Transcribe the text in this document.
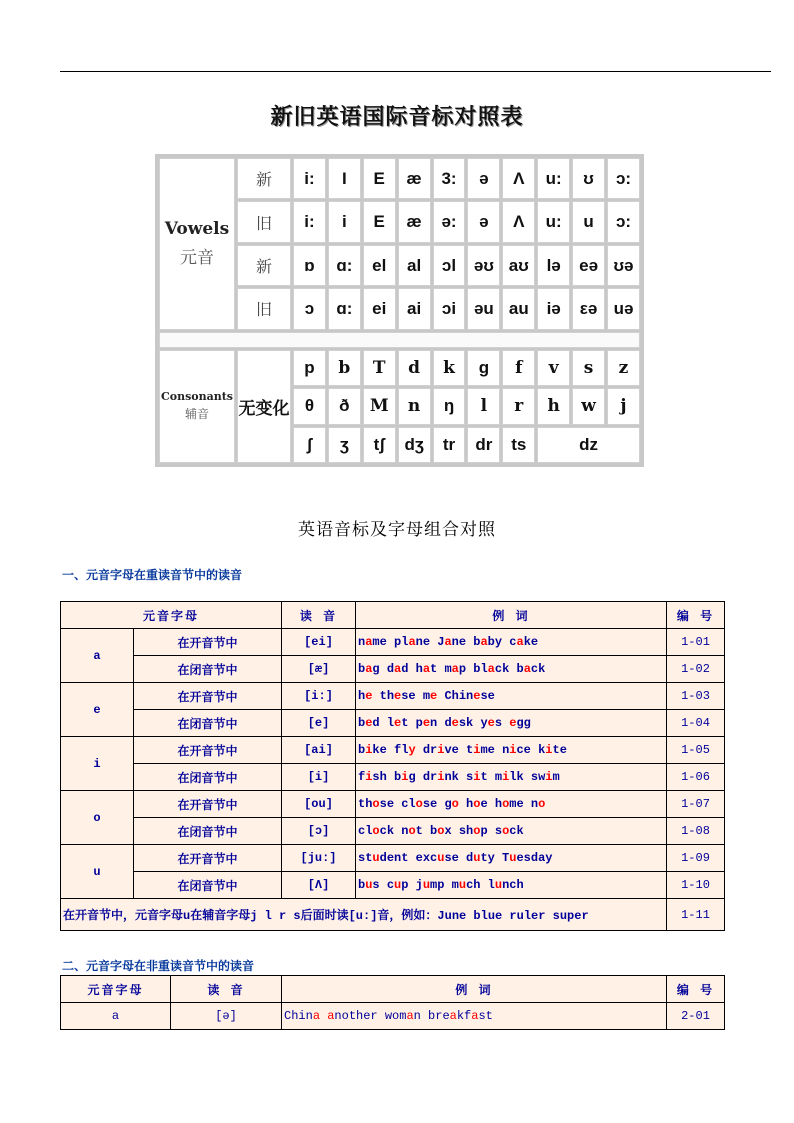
新旧英语国际音标对照表
Vowels
元音	新	i:	I	E	æ	3:	ə	Λ	u:	ʊ	ɔ:
	旧	i:	i	E	æ	ə:	ə	Λ	u:	u	ɔ:
	新	ɒ	ɑ:	el	al	ɔl	əʊ	aʊ	lə	eə	ʊə
	旧	ɔ	ɑ:	ei	ai	ɔi	əu	au	iə	εə	uə

Consonants
辅音	无变化	p	b	T	d	k	g	f	v	s	z
		θ	ð	M	n	ŋ	l	r	h	w	j
		ʃ	ʒ	tʃ	dʒ	tr	dr	ts	dz		
英语音标及字母组合对照
一、元音字母在重读音节中的读音
元音字母		读 音	例 词	编 号
a	在开音节中	[ei]	name plane Jane baby cake	1-01
	在闭音节中	[æ]	bag dad hat map black back	1-02
e	在开音节中	[i:]	he these me Chinese	1-03
	在闭音节中	[e]	bed let pen desk yes egg	1-04
i	在开音节中	[ai]	bike fly drive time nice kite	1-05
	在闭音节中	[i]	fish big drink sit milk swim	1-06
o	在开音节中	[ou]	those close go hoe home no	1-07
	在闭音节中	[ɔ]	clock not box shop sock	1-08
u	在开音节中	[ju:]	student excuse duty Tuesday	1-09
	在闭音节中	[Λ]	bus cup jump much lunch	1-10
在开音节中，元音字母u在辅音字母j l r s后面时读[u:]音，例如：June blue ruler super				1-11
二、元音字母在非重读音节中的读音
元音字母	读 音	例 词	编 号
a	[ə]	China another woman breakfast	2-01
